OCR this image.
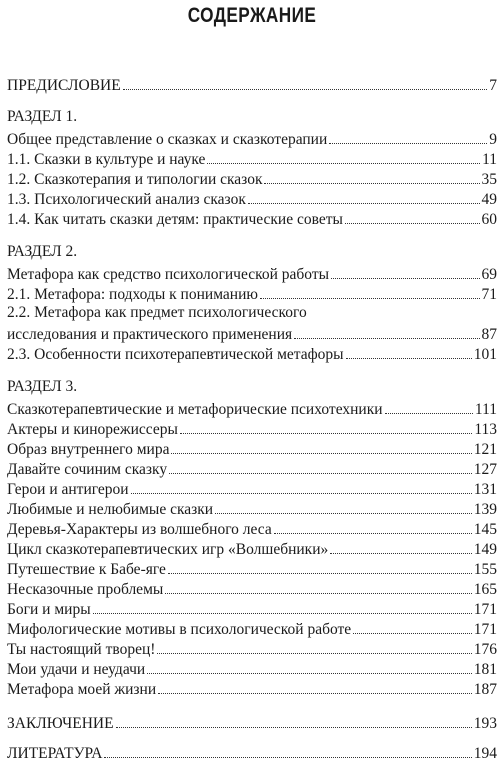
СОДЕРЖАНИЕ
ПРЕДИСЛОВИЕ	7
РАЗДЕЛ 1.
Общее представление о сказках и сказкотерапии	9
1.1. Сказки в культуре и науке	11
1.2. Сказкотерапия и типологии сказок	35
1.3. Психологический анализ сказок	49
1.4. Как читать сказки детям: практические советы	60
РАЗДЕЛ 2.
Метафора как средство психологической работы	69
2.1. Метафора: подходы к пониманию	71
2.2. Метафора как предмет психологического
исследования и практического применения	87
2.3. Особенности психотерапевтической метафоры	101
РАЗДЕЛ 3.
Сказкотерапевтические и метафорические психотехники	111
Актеры и кинорежиссеры	113
Образ внутреннего мира	121
Давайте сочиним сказку	127
Герои и антигерои	131
Любимые и нелюбимые сказки	139
Деревья-Характеры из волшебного леса	145
Цикл сказкотерапевтических игр «Волшебники»	149
Путешествие к Бабе-яге	155
Несказочные проблемы	165
Боги и миры	171
Мифологические мотивы в психологической работе	171
Ты настоящий творец!	176
Мои удачи и неудачи	181
Метафора моей жизни	187
ЗАКЛЮЧЕНИЕ	193
ЛИТЕРАТУРА	194
